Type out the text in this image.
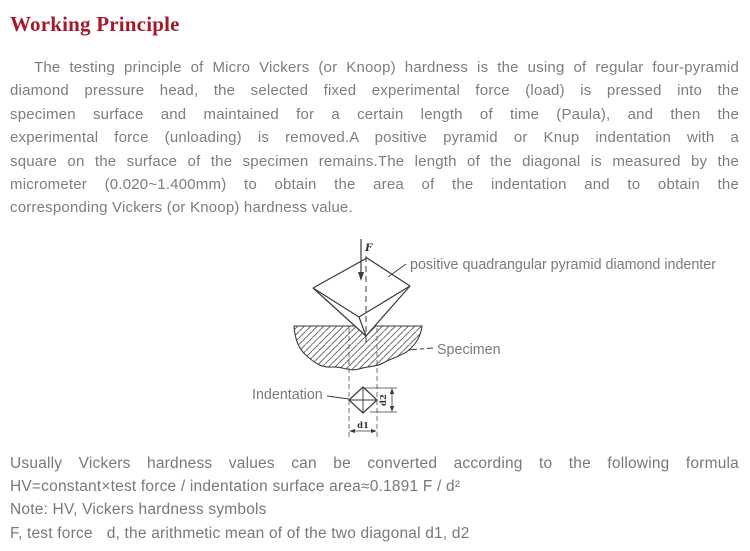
Working Principle
The testing principle of Micro Vickers (or Knoop) hardness is the using of regular four-pyramid
diamond pressure head, the selected fixed experimental force (load) is pressed into the
specimen surface and maintained for a certain length of time (Paula), and then the
experimental force (unloading) is removed.A positive pyramid or Knup indentation with a
square on the surface of the specimen remains.The length of the diagonal is measured by the
micrometer (0.020~1.400mm) to obtain the area of the indentation and to obtain the
corresponding Vickers (or Knoop) hardness value.
F
positive quadrangular pyramid diamond indenter
Specimen
Indentation	d2
d1
Usually Vickers hardness values can be converted according to the following formula
HV=constant×test force / indentation surface area≈0.1891 F / d²
Note: HV, Vickers hardness symbols
F, test force d, the arithmetic mean of of the two diagonal d1, d2
